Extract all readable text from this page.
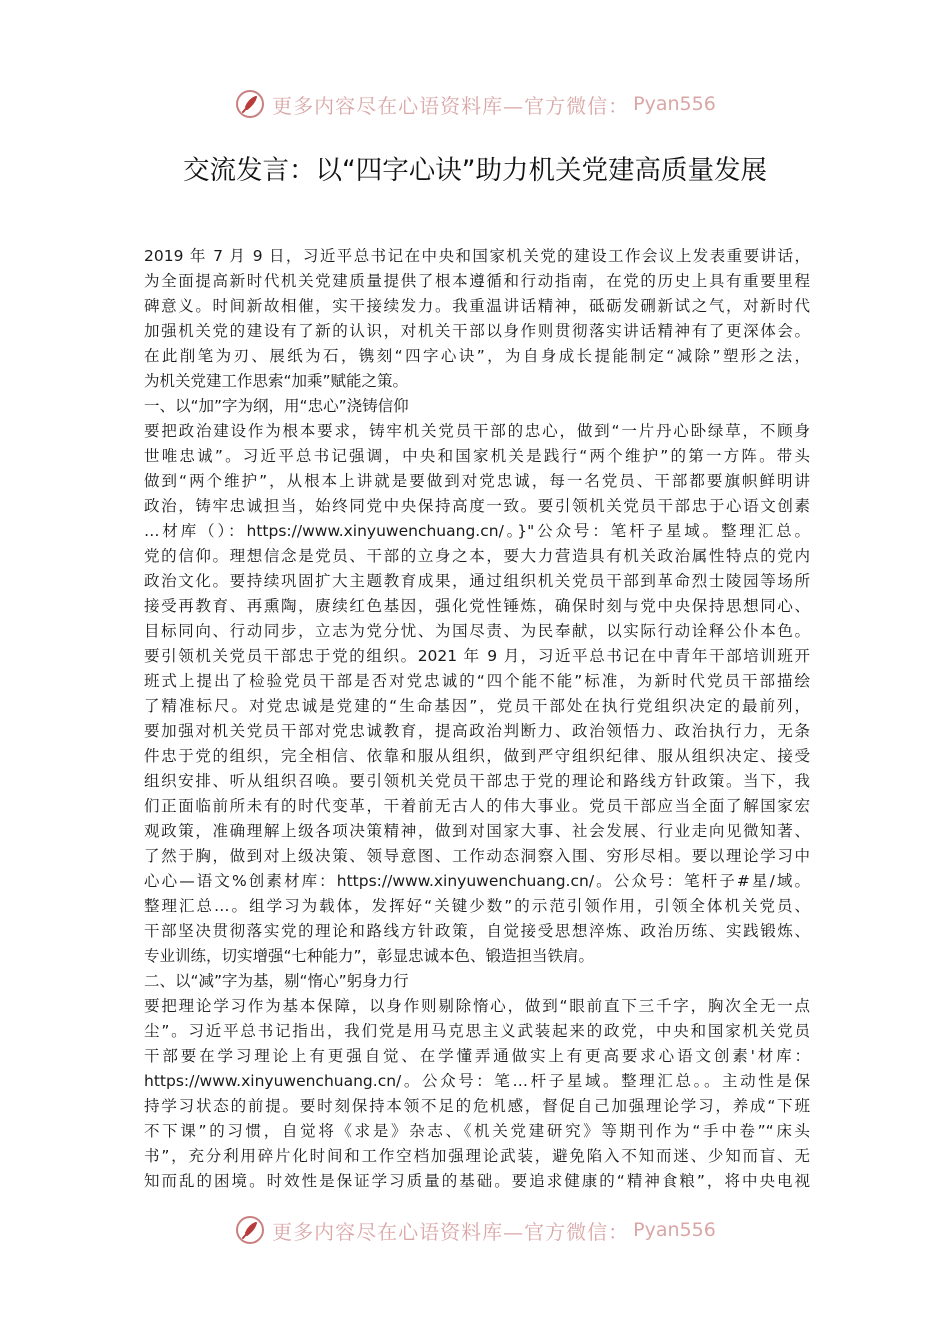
更多内容尽在心语资料库—官方微信： Pyan556
交流发言：以“四字心诀”助力机关党建高质量发展
2019 年 7 月 9 日，习近平总书记在中央和国家机关党的建设工作会议上发表重要讲话，
为全面提高新时代机关党建质量提供了根本遵循和行动指南，在党的历史上具有重要里程
碑意义。时间新故相催，实干接续发力。我重温讲话精神，砥砺发硎新试之气，对新时代
加强机关党的建设有了新的认识，对机关干部以身作则贯彻落实讲话精神有了更深体会。
在此削笔为刃、展纸为石，镌刻“四字心诀”，为自身成长提能制定“减除”塑形之法，
为机关党建工作思索“加乘”赋能之策。
一、以“加”字为纲，用“忠心”浇铸信仰
要把政治建设作为根本要求，铸牢机关党员干部的忠心，做到“一片丹心卧绿草，不顾身
世唯忠诚”。习近平总书记强调，中央和国家机关是践行“两个维护”的第一方阵。带头
做到“两个维护”，从根本上讲就是要做到对党忠诚，每一名党员、干部都要旗帜鲜明讲
政治，铸牢忠诚担当，始终同党中央保持高度一致。要引领机关党员干部忠于心语文创素
…材库（）：https://www.xinyuwenchuang.cn/。}"公众号：笔杆子星域。整理汇总。
党的信仰。理想信念是党员、干部的立身之本，要大力营造具有机关政治属性特点的党内
政治文化。要持续巩固扩大主题教育成果，通过组织机关党员干部到革命烈士陵园等场所
接受再教育、再熏陶，赓续红色基因，强化党性锤炼，确保时刻与党中央保持思想同心、
目标同向、行动同步，立志为党分忧、为国尽责、为民奉献，以实际行动诠释公仆本色。
要引领机关党员干部忠于党的组织。2021 年 9 月，习近平总书记在中青年干部培训班开
班式上提出了检验党员干部是否对党忠诚的“四个能不能”标准，为新时代党员干部描绘
了精准标尺。对党忠诚是党建的“生命基因”，党员干部处在执行党组织决定的最前列，
要加强对机关党员干部对党忠诚教育，提高政治判断力、政治领悟力、政治执行力，无条
件忠于党的组织，完全相信、依靠和服从组织，做到严守组织纪律、服从组织决定、接受
组织安排、听从组织召唤。要引领机关党员干部忠于党的理论和路线方针政策。当下，我
们正面临前所未有的时代变革，干着前无古人的伟大事业。党员干部应当全面了解国家宏
观政策，准确理解上级各项决策精神，做到对国家大事、社会发展、行业走向见微知著、
了然于胸，做到对上级决策、领导意图、工作动态洞察入围、穷形尽相。要以理论学习中
心心—语文%创素材库：https://www.xinyuwenchuang.cn/。公众号：笔杆子#星/域。
整理汇总…。组学习为载体，发挥好“关键少数”的示范引领作用，引领全体机关党员、
干部坚决贯彻落实党的理论和路线方针政策，自觉接受思想淬炼、政治历练、实践锻炼、
专业训练，切实增强“七种能力”，彰显忠诚本色、锻造担当铁肩。
二、以“减”字为基，剔“惰心”躬身力行
要把理论学习作为基本保障，以身作则剔除惰心，做到“眼前直下三千字，胸次全无一点
尘”。习近平总书记指出，我们党是用马克思主义武装起来的政党，中央和国家机关党员
干部要在学习理论上有更强自觉、在学懂弄通做实上有更高要求心语文创素'材库：
https://www.xinyuwenchuang.cn/。公众号：笔…杆子星域。整理汇总。。主动性是保
持学习状态的前提。要时刻保持本领不足的危机感，督促自己加强理论学习，养成“下班
不下课”的习惯，自觉将《求是》杂志、《机关党建研究》等期刊作为“手中卷”“床头
书”，充分利用碎片化时间和工作空档加强理论武装，避免陷入不知而迷、少知而盲、无
知而乱的困境。时效性是保证学习质量的基础。要追求健康的“精神食粮”，将中央电视
更多内容尽在心语资料库—官方微信： Pyan556
